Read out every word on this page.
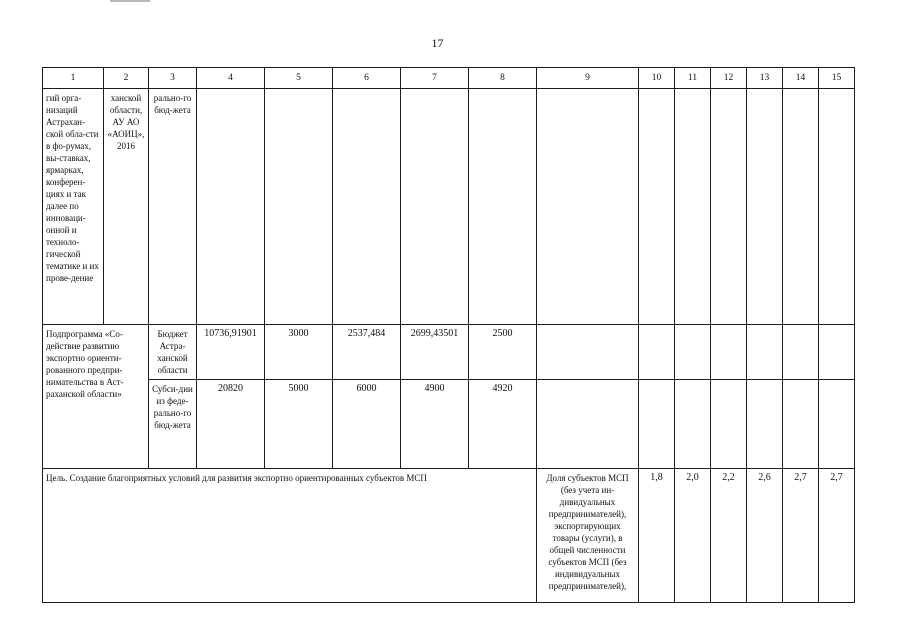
17
1	2	3	4	5	6	7	8	9	10	11	12	13	14	15
гий орга-низаций Астрахан-ской обла-сти в фо-румах, вы-ставках, ярмарках, конферен-циях и так далее по инноваци-онной и техноло-гической тематике и их прове-дение	ханской области, АУ АО «АОИЦ», 2016	рально-го бюд-жета												
Подпрограмма «Со-действие развитию экспортно ориенти-рованного предпри-нимательства в Аст-раханской области»		Бюджет Астра-ханской области	10736,91901	3000	2537,484	2699,43501	2500							
		Субси-дии из феде-рально-го бюд-жета	20820	5000	6000	4900	4920							
Цель. Создание благоприятных условий для развития экспортно ориентированных субъектов МСП								Доля субъектов МСП (без учета ин-дивидуальных предпринимателей), экспортирующих товары (услуги), в общей численности субъектов МСП (без индивидуальных предпринимателей),	1,8	2,0	2,2	2,6	2,7	2,7
